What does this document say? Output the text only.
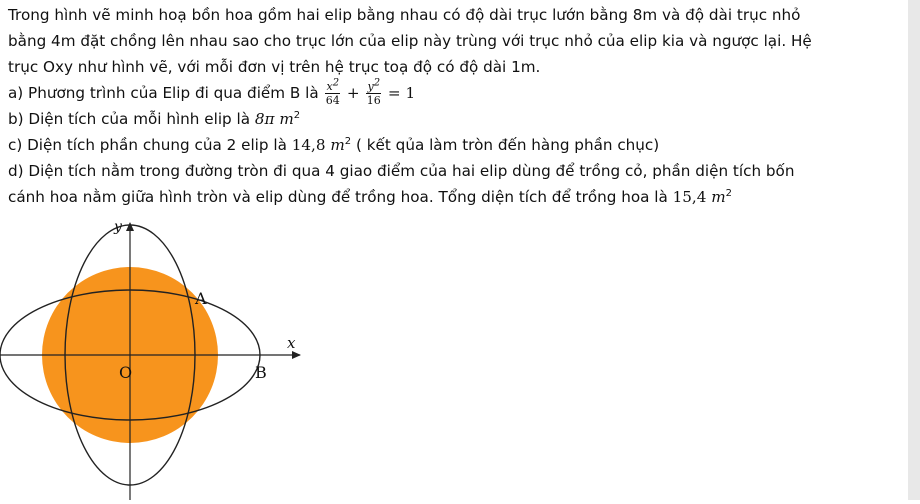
Trong hình vẽ minh hoạ bồn hoa gồm hai elip bằng nhau có độ dài trục lướn bằng 8m và độ dài trục nhỏ

bằng 4m đặt chồng lên nhau sao cho trục lớn của elip này trùng với trục nhỏ của elip kia và ngược lại. Hệ

trục Oxy như hình vẽ, với mỗi đơn vị trên hệ trục toạ độ có độ dài 1m.

a) Phương trình của Elip đi qua điểm B là $\frac{x^2}{64} + \frac{y^2}{16} = 1$

b) Diện tích của mỗi hình elip là 8π $m^2$

c) Diện tích phần chung của 2 elip là 14,8 $m^2$ ( kết qủa làm tròn đến hàng phần chục)

d) Diện tích nằm trong đường tròn đi qua 4 giao điểm của hai elip dùng để trồng cỏ, phần diện tích bốn

cánh hoa nằm giữa hình tròn và elip dùng để trồng hoa. Tổng diện tích để trồng hoa là 15,4 $m^2$

y
x
O
A
B
